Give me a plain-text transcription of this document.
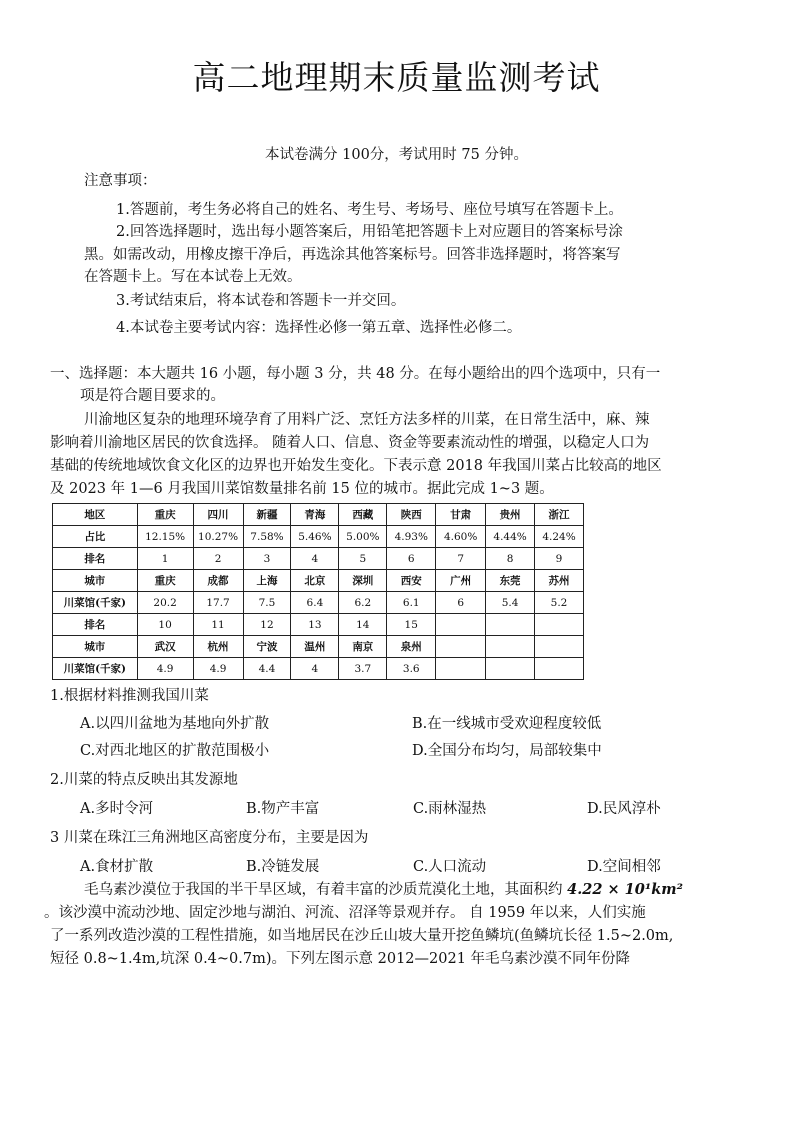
高二地理期末质量监测考试
本试卷满分 100分，考试用时 75 分钟。
注意事项：
1.答题前，考生务必将自己的姓名、考生号、考场号、座位号填写在答题卡上。
2.回答选择题时，选出每小题答案后，用铅笔把答题卡上对应题目的答案标号涂
黑。如需改动，用橡皮擦干净后，再选涂其他答案标号。回答非选择题时，将答案写
在答题卡上。写在本试卷上无效。
3.考试结束后，将本试卷和答题卡一并交回。
4.本试卷主要考试内容：选择性必修一第五章、选择性必修二。
一、选择题：本大题共 16 小题，每小题 3 分，共 48 分。在每小题给出的四个选项中，只有一
项是符合题目要求的。
川渝地区复杂的地理环境孕育了用料广泛、烹饪方法多样的川菜，在日常生活中，麻、辣
影响着川渝地区居民的饮食选择。 随着人口、信息、资金等要素流动性的增强，以稳定人口为
基础的传统地域饮食文化区的边界也开始发生变化。下表示意 2018 年我国川菜占比较高的地区
及 2023 年 1—6 月我国川菜馆数量排名前 15 位的城市。据此完成 1~3 题。
地区	重庆	四川	新疆	青海	西藏	陕西	甘肃	贵州	浙江
占比	12.15%	10.27%	7.58%	5.46%	5.00%	4.93%	4.60%	4.44%	4.24%
排名	1	2	3	4	5	6	7	8	9
城市	重庆	成都	上海	北京	深圳	西安	广州	东莞	苏州
川菜馆(千家)	20.2	17.7	7.5	6.4	6.2	6.1	6	5.4	5.2
排名	10	11	12	13	14	15			
城市	武汉	杭州	宁波	温州	南京	泉州			
川菜馆(千家)	4.9	4.9	4.4	4	3.7	3.6			
1.根据材料推测我国川菜
A.以四川盆地为基地向外扩散	B.在一线城市受欢迎程度较低
C.对西北地区的扩散范围极小	D.全国分布均匀，局部较集中
2.川菜的特点反映出其发源地
A.多时令河	B.物产丰富	C.雨林湿热	D.民风淳朴
3 川菜在珠江三角洲地区高密度分布，主要是因为
A.食材扩散	B.冷链发展	C.人口流动	D.空间相邻
毛乌素沙漠位于我国的半干旱区域，有着丰富的沙质荒漠化土地，其面积约 4.22 × 10¹km²
。该沙漠中流动沙地、固定沙地与湖泊、河流、沼泽等景观并存。 自 1959 年以来，人们实施
了一系列改造沙漠的工程性措施，如当地居民在沙丘山坡大量开挖鱼鳞坑(鱼鳞坑长径 1.5~2.0m,
短径 0.8~1.4m,坑深 0.4~0.7m)。下列左图示意 2012—2021 年毛乌素沙漠不同年份降
